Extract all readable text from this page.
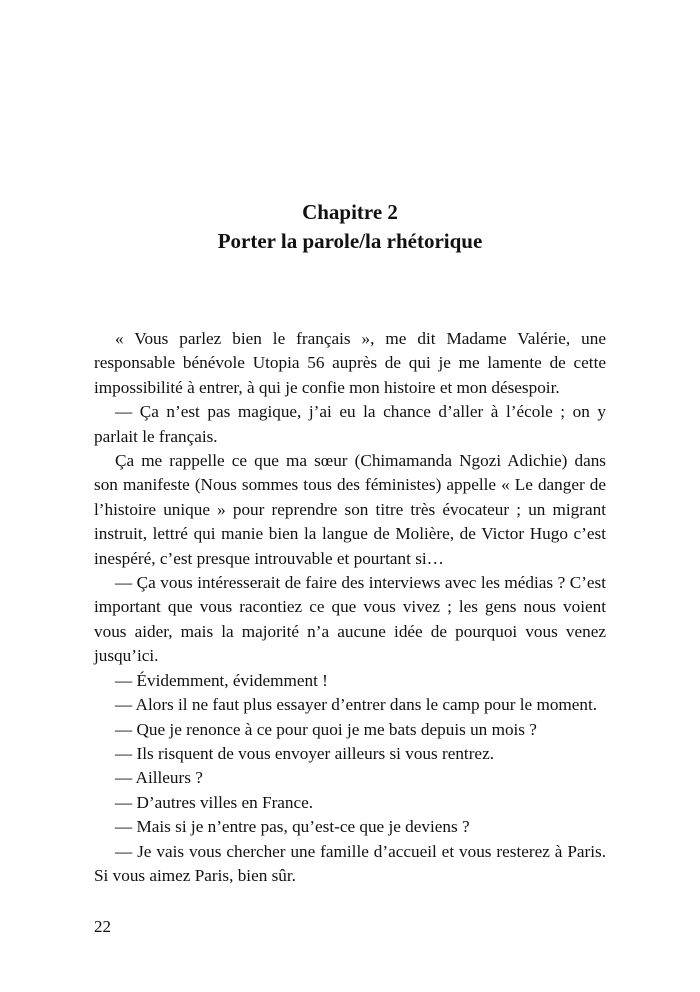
Chapitre 2
Porter la parole/la rhétorique

« Vous parlez bien le français », me dit Madame Valérie, une responsable bénévole Utopia 56 auprès de qui je me lamente de cette impossibilité à entrer, à qui je confie mon histoire et mon désespoir.

— Ça n’est pas magique, j’ai eu la chance d’aller à l’école ; on y parlait le français.

Ça me rappelle ce que ma sœur (Chimamanda Ngozi Adichie) dans son manifeste (Nous sommes tous des féministes) appelle « Le danger de l’histoire unique » pour reprendre son titre très évocateur ; un migrant instruit, lettré qui manie bien la langue de Molière, de Victor Hugo c’est inespéré, c’est presque introuvable et pourtant si…

— Ça vous intéresserait de faire des interviews avec les médias ? C’est important que vous racontiez ce que vous vivez ; les gens nous voient vous aider, mais la majorité n’a aucune idée de pourquoi vous venez jusqu’ici.

— Évidemment, évidemment !

— Alors il ne faut plus essayer d’entrer dans le camp pour le moment.

— Que je renonce à ce pour quoi je me bats depuis un mois ?

— Ils risquent de vous envoyer ailleurs si vous rentrez.

— Ailleurs ?

— D’autres villes en France.

— Mais si je n’entre pas, qu’est-ce que je deviens ?

— Je vais vous chercher une famille d’accueil et vous resterez à Paris. Si vous aimez Paris, bien sûr.

22
